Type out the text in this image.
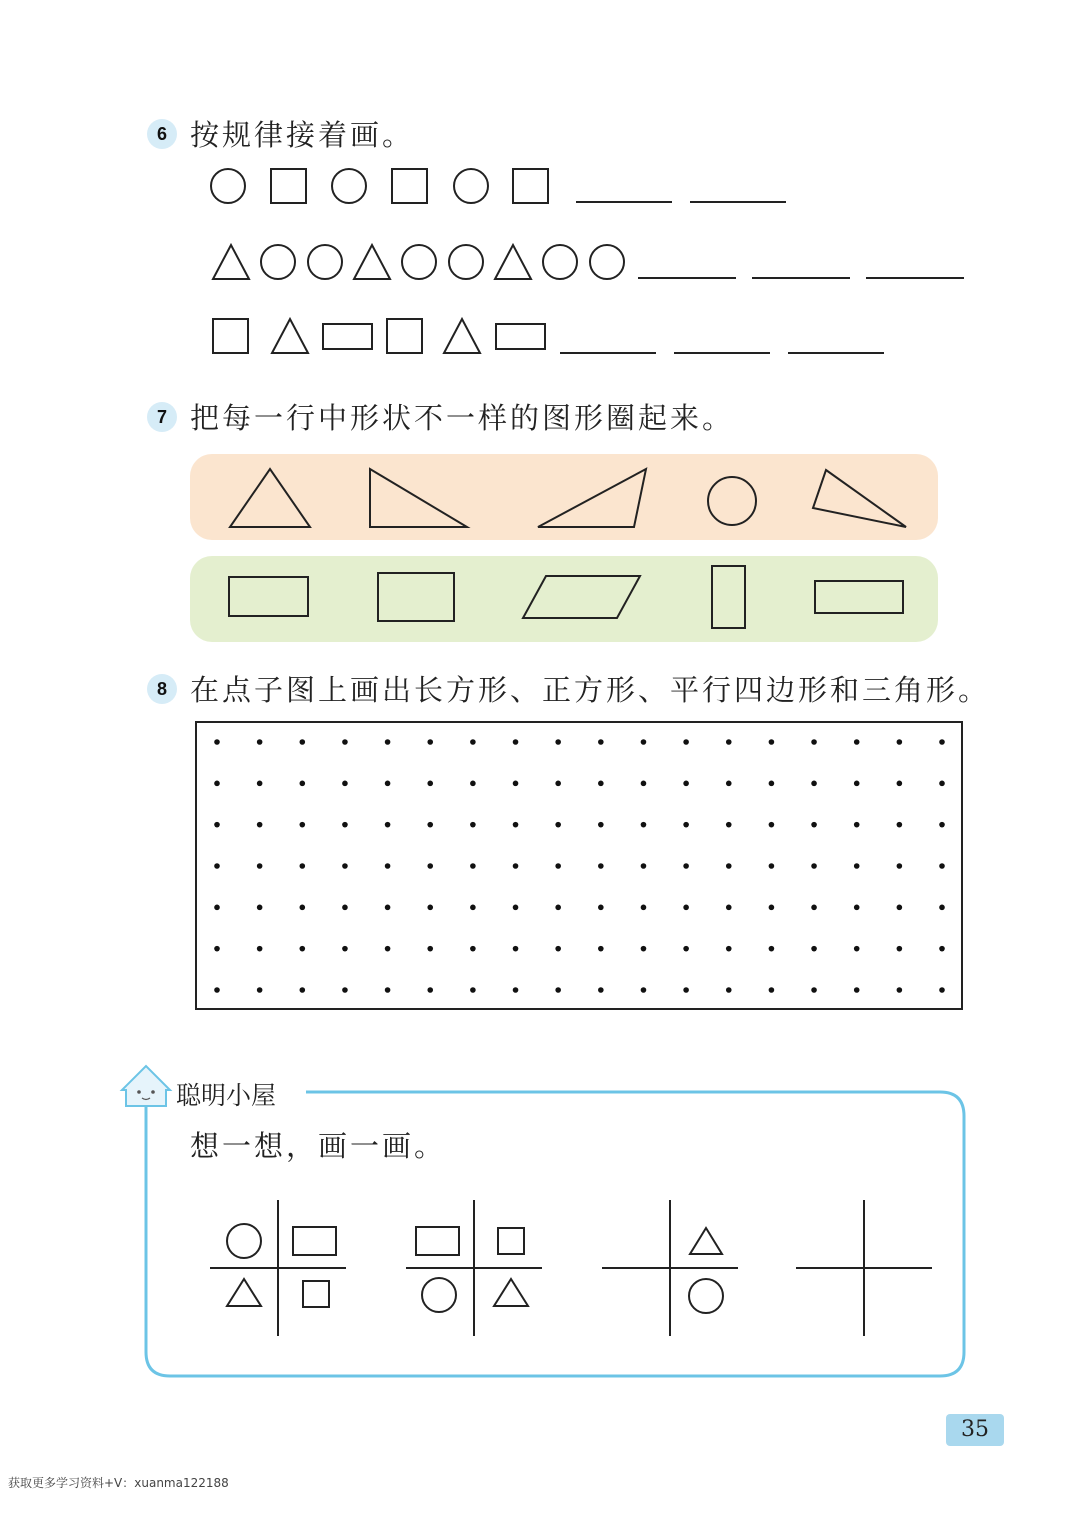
6 按规律接着画。
7 把每一行中形状不一样的图形圈起来。
8 在点子图上画出长方形、正方形、平行四边形和三角形。
聪明小屋
想一想，画一画。
35
获取更多学习资料+V：xuanma122188
